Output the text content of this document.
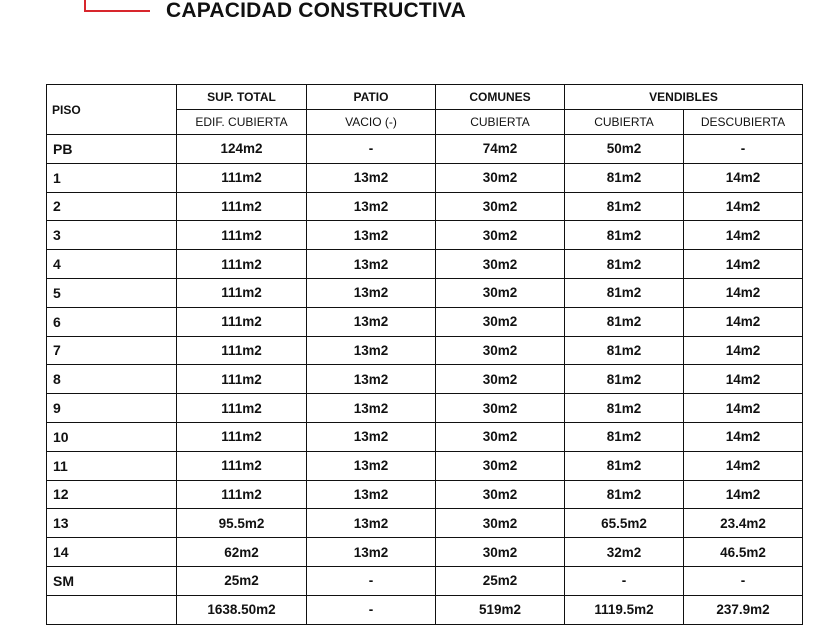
CAPACIDAD CONSTRUCTIVA
PISO	SUP. TOTAL	PATIO	COMUNES	VENDIBLES	
	EDIF. CUBIERTA	VACIO (-)	CUBIERTA	CUBIERTA	DESCUBIERTA
PB	124m2	-	74m2	50m2	-
1	111m2	13m2	30m2	81m2	14m2
2	111m2	13m2	30m2	81m2	14m2
3	111m2	13m2	30m2	81m2	14m2
4	111m2	13m2	30m2	81m2	14m2
5	111m2	13m2	30m2	81m2	14m2
6	111m2	13m2	30m2	81m2	14m2
7	111m2	13m2	30m2	81m2	14m2
8	111m2	13m2	30m2	81m2	14m2
9	111m2	13m2	30m2	81m2	14m2
10	111m2	13m2	30m2	81m2	14m2
11	111m2	13m2	30m2	81m2	14m2
12	111m2	13m2	30m2	81m2	14m2
13	95.5m2	13m2	30m2	65.5m2	23.4m2
14	62m2	13m2	30m2	32m2	46.5m2
SM	25m2	-	25m2	-	-
	1638.50m2	-	519m2	1119.5m2	237.9m2
